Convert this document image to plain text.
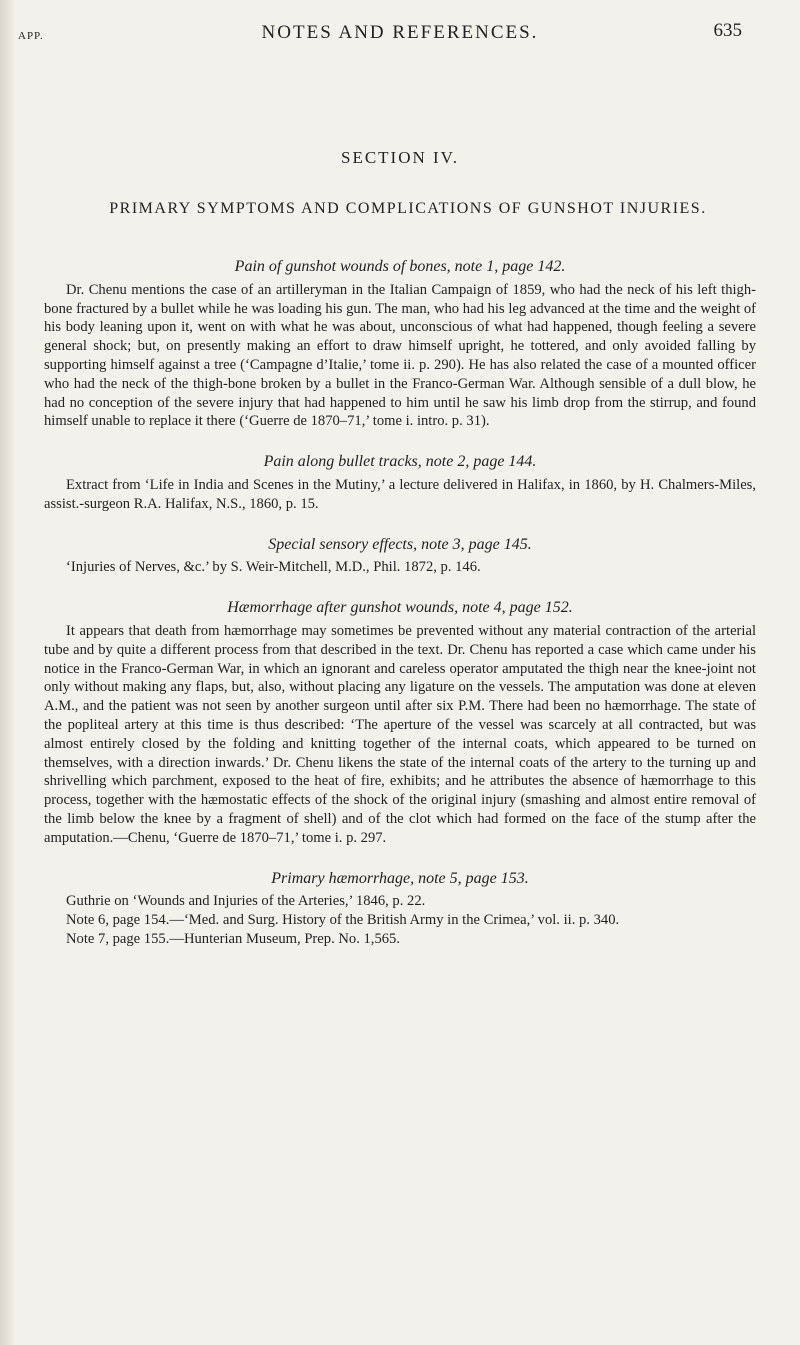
APP.	NOTES AND REFERENCES.	635
SECTION IV.
PRIMARY SYMPTOMS AND COMPLICATIONS OF GUNSHOT INJURIES.
Pain of gunshot wounds of bones, note 1, page 142.

Dr. Chenu mentions the case of an artilleryman in the Italian Campaign of 1859, who had the neck of his left thigh-bone fractured by a bullet while he was loading his gun. The man, who had his leg advanced at the time and the weight of his body leaning upon it, went on with what he was about, unconscious of what had happened, though feeling a severe general shock; but, on presently making an effort to draw himself upright, he tottered, and only avoided falling by supporting himself against a tree (‘Campagne d’Italie,’ tome ii. p. 290). He has also related the case of a mounted officer who had the neck of the thigh-bone broken by a bullet in the Franco-German War. Although sensible of a dull blow, he had no conception of the severe injury that had happened to him until he saw his limb drop from the stirrup, and found himself unable to replace it there (‘Guerre de 1870–71,’ tome i. intro. p. 31).

Pain along bullet tracks, note 2, page 144.

Extract from ‘Life in India and Scenes in the Mutiny,’ a lecture delivered in Halifax, in 1860, by H. Chalmers-Miles, assist.-surgeon R.A. Halifax, N.S., 1860, p. 15.

Special sensory effects, note 3, page 145.

‘Injuries of Nerves, &c.’ by S. Weir-Mitchell, M.D., Phil. 1872, p. 146.

Hæmorrhage after gunshot wounds, note 4, page 152.

It appears that death from hæmorrhage may sometimes be prevented without any material contraction of the arterial tube and by quite a different process from that described in the text. Dr. Chenu has reported a case which came under his notice in the Franco-German War, in which an ignorant and careless operator amputated the thigh near the knee-joint not only without making any flaps, but, also, without placing any ligature on the vessels. The amputation was done at eleven A.M., and the patient was not seen by another surgeon until after six P.M. There had been no hæmorrhage. The state of the popliteal artery at this time is thus described: ‘The aperture of the vessel was scarcely at all contracted, but was almost entirely closed by the folding and knitting together of the internal coats, which appeared to be turned on themselves, with a direction inwards.’ Dr. Chenu likens the state of the internal coats of the artery to the turning up and shrivelling which parchment, exposed to the heat of fire, exhibits; and he attributes the absence of hæmorrhage to this process, together with the hæmostatic effects of the shock of the original injury (smashing and almost entire removal of the limb below the knee by a fragment of shell) and of the clot which had formed on the face of the stump after the amputation.—Chenu, ‘Guerre de 1870–71,’ tome i. p. 297.

Primary hæmorrhage, note 5, page 153.

Guthrie on ‘Wounds and Injuries of the Arteries,’ 1846, p. 22.

Note 6, page 154.—‘Med. and Surg. History of the British Army in the Crimea,’ vol. ii. p. 340.

Note 7, page 155.—Hunterian Museum, Prep. No. 1,565.
